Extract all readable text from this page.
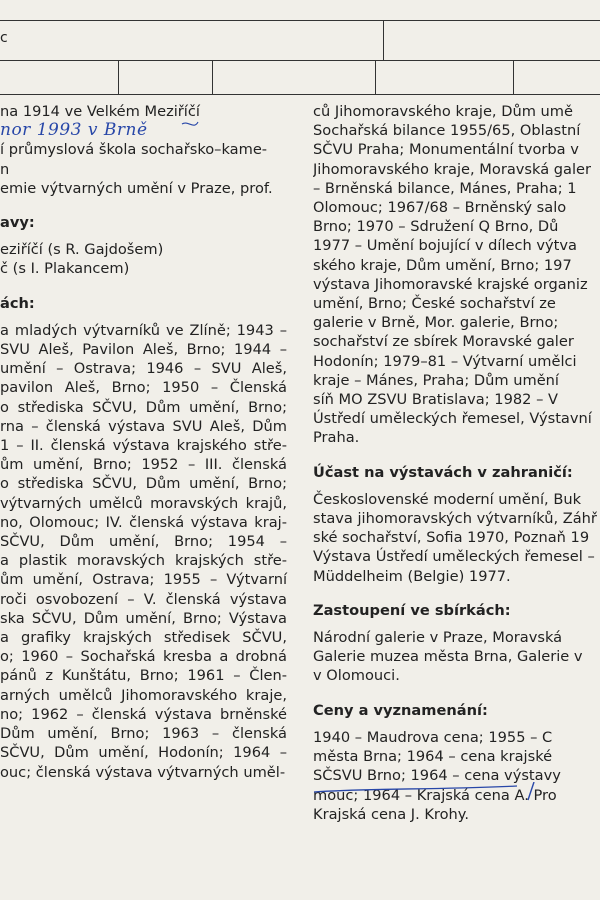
c

na 1914 ve Velkém Meziříčí

nor 1993 v Brně

í průmyslová škola sochařsko–kame-

n

emie výtvarných umění v Praze, prof.

avy:

eziříčí (s R. Gajdošem)

č (s I. Plakancem)

ách:

a mladých výtvarníků ve Zlíně; 1943 –

SVU Aleš, Pavilon Aleš, Brno; 1944 –

umění – Ostrava; 1946 – SVU Aleš,

pavilon Aleš, Brno; 1950 – Členská

o střediska SČVU, Dům umění, Brno;

rna – členská výstava SVU Aleš, Dům

1 – II. členská výstava krajského stře-

ům umění, Brno; 1952 – III. členská

o střediska SČVU, Dům umění, Brno;

výtvarných umělců moravských krajů,

no, Olomouc; IV. členská výstava kraj-

SČVU, Dům umění, Brno; 1954 –

a plastik moravských krajských stře-

ům umění, Ostrava; 1955 – Výtvarní

roči osvobození – V. členská výstava

ska SČVU, Dům umění, Brno; Výstava

a grafiky krajských středisek SČVU,

o; 1960 – Sochařská kresba a drobná

pánů z Kunštátu, Brno; 1961 – Člen-

arných umělců Jihomoravského kraje,

no; 1962 – členská výstava brněnské

Dům umění, Brno; 1963 – členská

SČVU, Dům umění, Hodonín; 1964 –

ouc; členská výstava výtvarných uměl-

ců Jihomoravského kraje, Dům umě

Sochařská bilance 1955/65, Oblastní

SČVU Praha; Monumentální tvorba v

Jihomoravského kraje, Moravská galer

– Brněnská bilance, Mánes, Praha; 1

Olomouc; 1967/68 – Brněnský salo

Brno; 1970 – Sdružení Q Brno, Dů

1977 – Umění bojující v dílech výtva

ského kraje, Dům umění, Brno; 197

výstava Jihomoravské krajské organiz

umění, Brno; České sochařství ze

galerie v Brně, Mor. galerie, Brno;

sochařství ze sbírek Moravské galer

Hodonín; 1979–81 – Výtvarní umělci

kraje – Mánes, Praha; Dům umění

síň MO ZSVU Bratislava; 1982 – V

Ústředí uměleckých řemesel, Výstavní

Praha.

Účast na výstavách v zahraničí:

Československé moderní umění, Buk

stava jihomoravských výtvarníků, Záhř

ské sochařství, Sofia 1970, Poznaň 19

Výstava Ústředí uměleckých řemesel –

Müddelheim (Belgie) 1977.

Zastoupení ve sbírkách:

Národní galerie v Praze, Moravská

Galerie muzea města Brna, Galerie v

v Olomouci.

Ceny a vyznamenání:

1940 – Maudrova cena; 1955 – C

města Brna; 1964 – cena krajské

SČSVU Brno; 1964 – cena výstavy

mouc; 1964 – Krajská cena A. Pro

Krajská cena J. Krohy.
